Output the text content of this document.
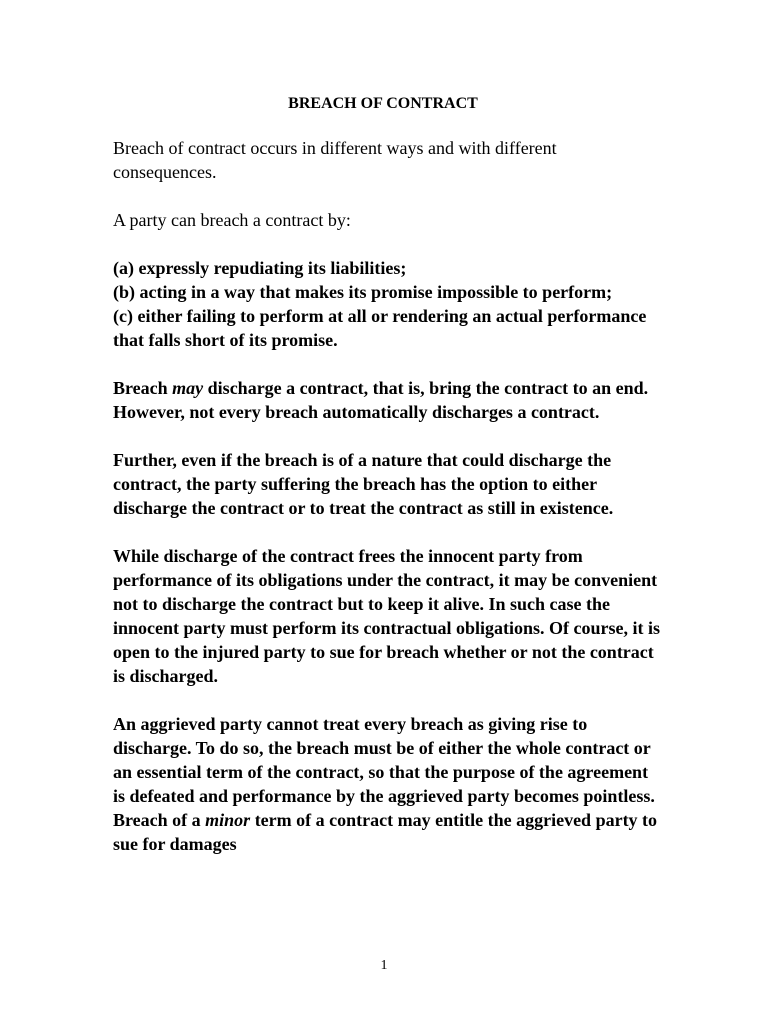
BREACH OF CONTRACT

Breach of contract occurs in different ways and with different consequences.

A party can breach a contract by:

(a) expressly repudiating its liabilities;
(b) acting in a way that makes its promise impossible to perform;
(c) either failing to perform at all or rendering an actual performance that falls short of its promise.

Breach may discharge a contract, that is, bring the contract to an end. However, not every breach automatically discharges a contract.

Further, even if the breach is of a nature that could discharge the contract, the party suffering the breach has the option to either discharge the contract or to treat the contract as still in existence.

While discharge of the contract frees the innocent party from performance of its obligations under the contract, it may be convenient not to discharge the contract but to keep it alive. In such case the innocent party must perform its contractual obligations. Of course, it is open to the injured party to sue for breach whether or not the contract is discharged.

An aggrieved party cannot treat every breach as giving rise to discharge. To do so, the breach must be of either the whole contract or an essential term of the contract, so that the purpose of the agreement is defeated and performance by the aggrieved party becomes pointless. Breach of a minor term of a contract may entitle the aggrieved party to sue for damages

1
